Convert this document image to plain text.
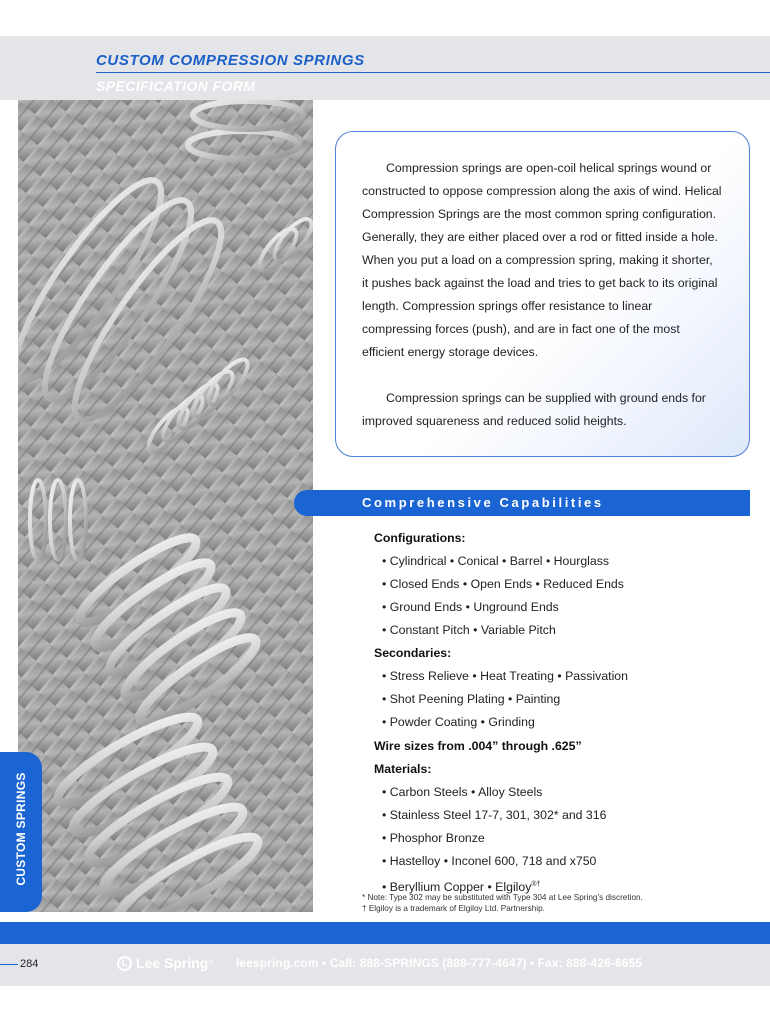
CUSTOM COMPRESSION SPRINGS
SPECIFICATION FORM
CUSTOM SPRINGS

Compression springs are open-coil helical springs wound or constructed to oppose compression along the axis of wind. Helical Compression Springs are the most common spring configuration. Generally, they are either placed over a rod or fitted inside a hole. When you put a load on a compression spring, making it shorter, it pushes back against the load and tries to get back to its original length. Compression springs offer resistance to linear compressing forces (push), and are in fact one of the most efficient energy storage devices.

Compression springs can be supplied with ground ends for improved squareness and reduced solid heights.

Comprehensive Capabilities

Configurations:
• Cylindrical • Conical • Barrel • Hourglass
• Closed Ends • Open Ends • Reduced Ends
• Ground Ends • Unground Ends
• Constant Pitch • Variable Pitch
Secondaries:
• Stress Relieve • Heat Treating • Passivation
• Shot Peening Plating • Painting
• Powder Coating • Grinding
Wire sizes from .004” through .625”
Materials:
• Carbon Steels • Alloy Steels
• Stainless Steel 17-7, 301, 302* and 316
• Phosphor Bronze
• Hastelloy • Inconel 600, 718 and x750
• Beryllium Copper • Elgiloy®†
* Note: Type 302 may be substituted with Type 304 at Lee Spring’s discretion.
† Elgiloy is a trademark of Elgiloy Ltd. Partnership.
284	L Lee Spring ® leespring.com • Call: 888-SPRINGS (888-777-4647) • Fax: 888-426-6655
